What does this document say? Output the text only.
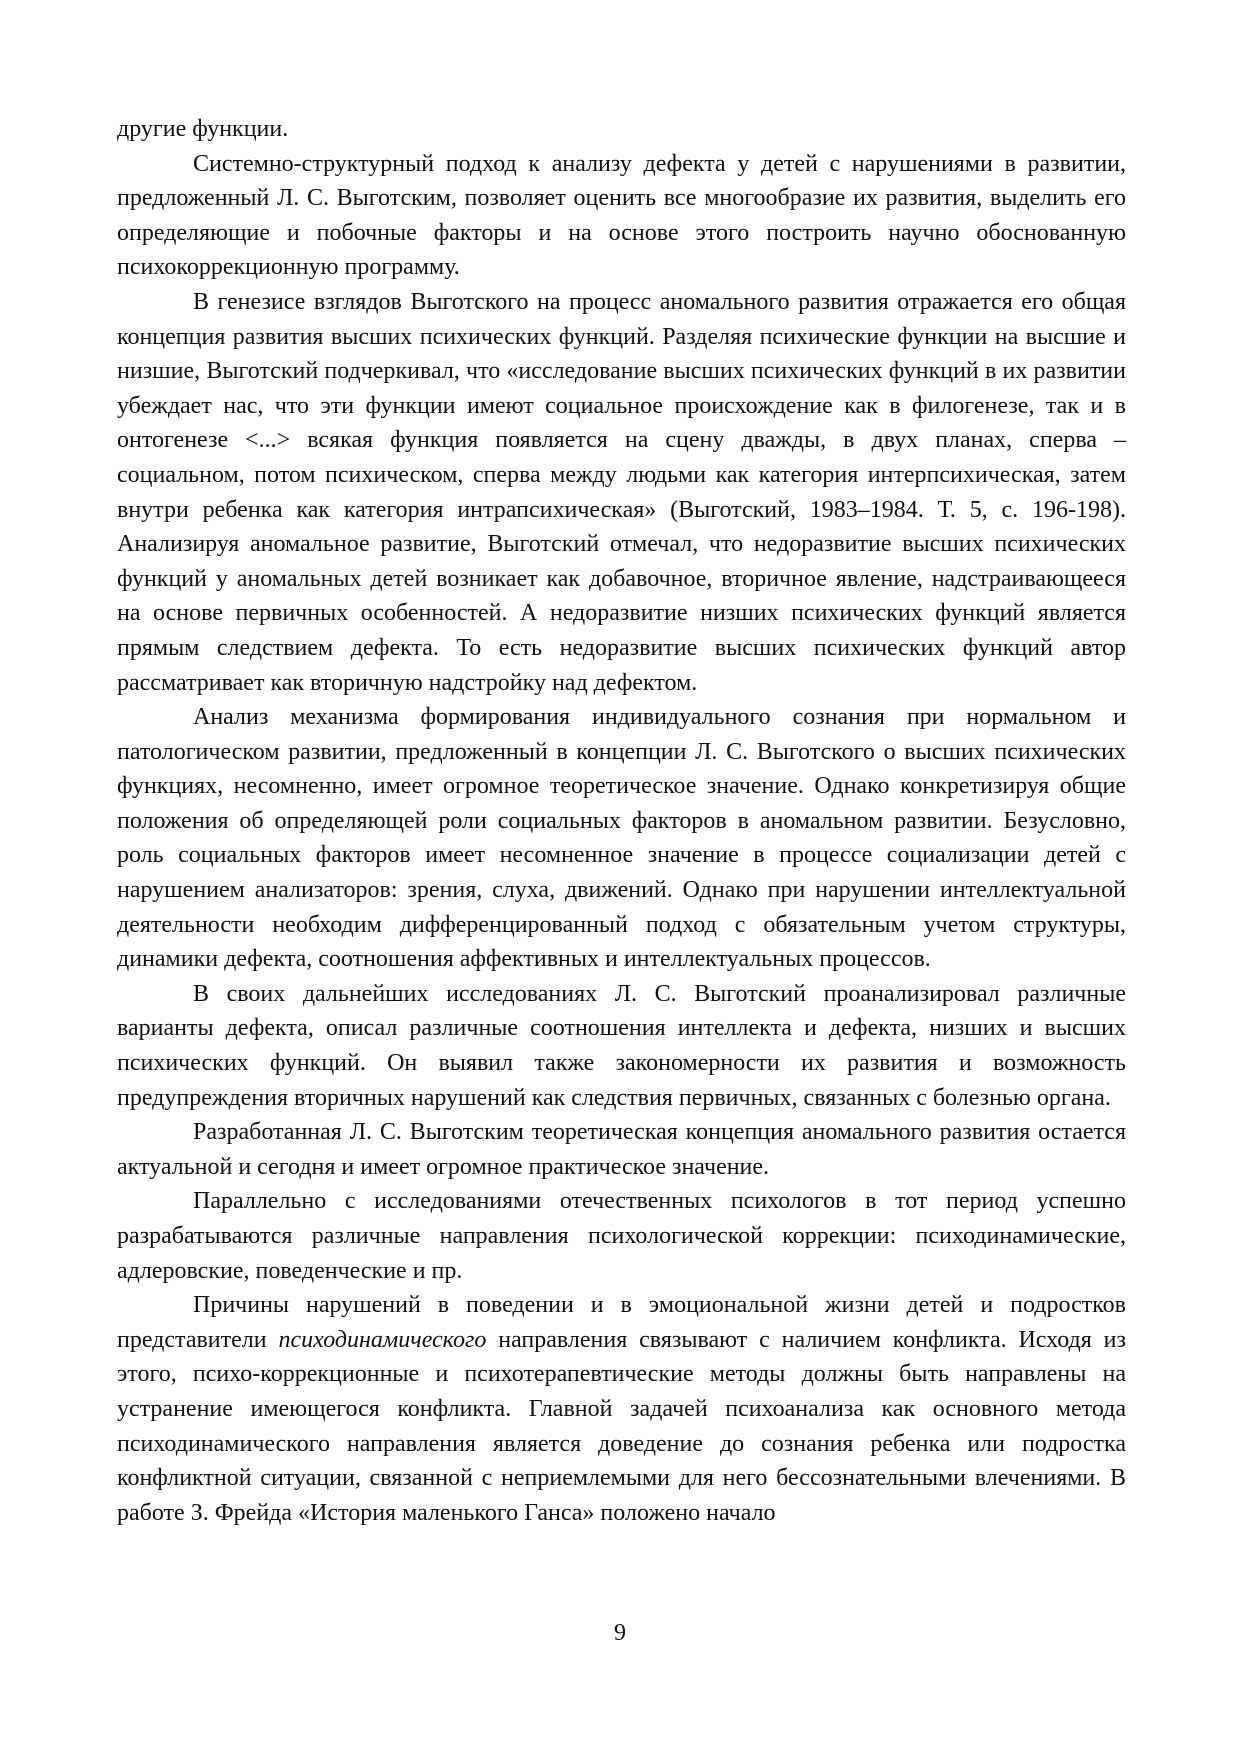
другие функции.

Системно-структурный подход к анализу дефекта у детей с нарушениями в развитии, предложенный Л. С. Выготским, позволяет оценить все многообразие их развития, выделить его определяющие и побочные факторы и на основе этого построить научно обоснованную психокоррекционную программу.

В генезисе взглядов Выготского на процесс аномального развития отражается его общая концепция развития высших психических функций. Разделяя психические функции на высшие и низшие, Выготский подчеркивал, что «исследование высших психических функций в их развитии убеждает нас, что эти функции имеют социальное происхождение как в филогенезе, так и в онтогенезе <...> всякая функция появляется на сцену дважды, в двух планах, сперва – социальном, потом психическом, сперва между людьми как категория интерпсихическая, затем внутри ребенка как категория интрапсихическая» (Выготский, 1983–1984. Т. 5, с. 196-198). Анализируя аномальное развитие, Выготский отмечал, что недоразвитие высших психических функций у аномальных детей возникает как добавочное, вторичное явление, надстраивающееся на основе первичных особенностей. А недоразвитие низших психических функций является прямым следствием дефекта. То есть недоразвитие высших психических функций автор рассматривает как вторичную надстройку над дефектом.

Анализ механизма формирования индивидуального сознания при нормальном и патологическом развитии, предложенный в концепции Л. С. Выготского о высших психических функциях, несомненно, имеет огромное теоретическое значение. Однако конкретизируя общие положения об определяющей роли социальных факторов в аномальном развитии. Безусловно, роль социальных факторов имеет несомненное значение в процессе социализации детей с нарушением анализаторов: зрения, слуха, движений. Однако при нарушении интеллектуальной деятельности необходим дифференцированный подход с обязательным учетом структуры, динамики дефекта, соотношения аффективных и интеллектуальных процессов.

В своих дальнейших исследованиях Л. С. Выготский проанализировал различные варианты дефекта, описал различные соотношения интеллекта и дефекта, низших и высших психических функций. Он выявил также закономерности их развития и возможность предупреждения вторичных нарушений как следствия первичных, связанных с болезнью органа.

Разработанная Л. С. Выготским теоретическая концепция аномального развития остается актуальной и сегодня и имеет огромное практическое значение.

Параллельно с исследованиями отечественных психологов в тот период успешно разрабатываются различные направления психологической коррекции: психодинамические, адлеровские, поведенческие и пр.

Причины нарушений в поведении и в эмоциональной жизни детей и подростков представители психодинамического направления связывают с наличием конфликта. Исходя из этого, психо-коррекционные и психотерапевтические методы должны быть направлены на устранение имеющегося конфликта. Главной задачей психоанализа как основного метода психодинамического направления является доведение до сознания ребенка или подростка конфликтной ситуации, связанной с неприемлемыми для него бессознательными влечениями. В работе З. Фрейда «История маленького Ганса» положено начало

9
